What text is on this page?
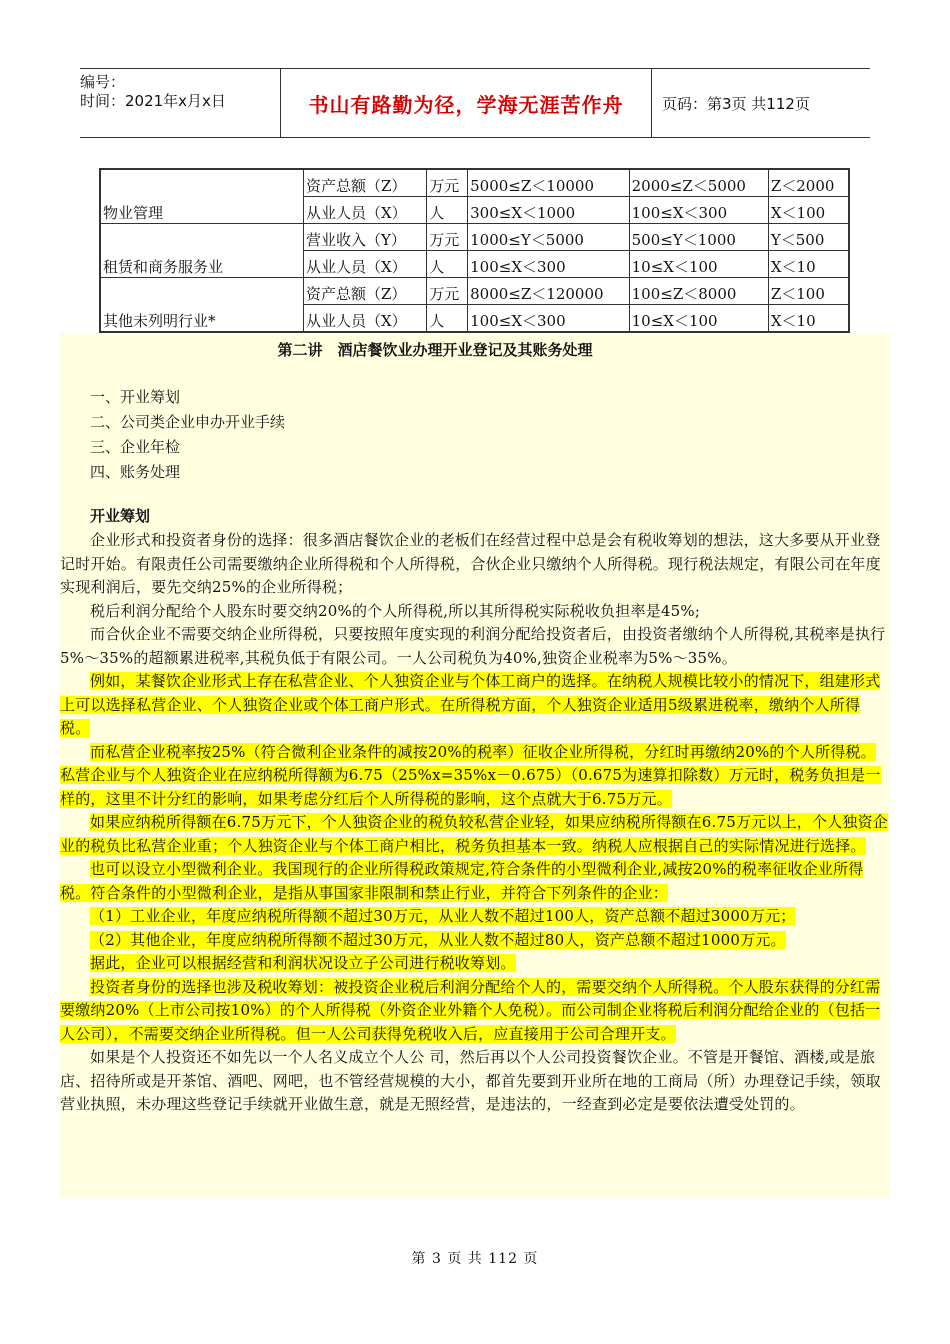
编号：
时间：2021年x月x日	书山有路勤为径，学海无涯苦作舟	页码：第3页 共112页
	资产总额（Z）	万元	5000≤Z＜10000	2000≤Z＜5000	Z＜2000
物业管理	从业人员（X）	人	300≤X＜1000	100≤X＜300	X＜100
	营业收入（Y）	万元	1000≤Y＜5000	500≤Y＜1000	Y＜500
租赁和商务服务业	从业人员（X）	人	100≤X＜300	10≤X＜100	X＜10
	资产总额（Z）	万元	8000≤Z＜120000	100≤Z＜8000	Z＜100
其他未列明行业*	从业人员（X）	人	100≤X＜300	10≤X＜100	X＜10
第二讲　酒店餐饮业办理开业登记及其账务处理
一、开业筹划
二、公司类企业申办开业手续
三、企业年检
四、账务处理
开业筹划

企业形式和投资者身份的选择：很多酒店餐饮企业的老板们在经营过程中总是会有税收筹划的想法，这大多要从开业登记时开始。有限责任公司需要缴纳企业所得税和个人所得税，合伙企业只缴纳个人所得税。现行税法规定，有限公司在年度实现利润后，要先交纳25%的企业所得税；

税后利润分配给个人股东时要交纳20%的个人所得税,所以其所得税实际税收负担率是45%;

而合伙企业不需要交纳企业所得税，只要按照年度实现的利润分配给投资者后，由投资者缴纳个人所得税,其税率是执行5%～35%的超额累进税率,其税负低于有限公司。一人公司税负为40%,独资企业税率为5%～35%。

例如，某餐饮企业形式上存在私营企业、个人独资企业与个体工商户的选择。在纳税人规模比较小的情况下，组建形式上可以选择私营企业、个人独资企业或个体工商户形式。在所得税方面，个人独资企业适用5级累进税率，缴纳个人所得税。

而私营企业税率按25%（符合微利企业条件的减按20%的税率）征收企业所得税，分红时再缴纳20%的个人所得税。私营企业与个人独资企业在应纳税所得额为6.75（25%x=35%x－0.675）（0.675为速算扣除数）万元时，税务负担是一样的，这里不计分红的影响，如果考虑分红后个人所得税的影响，这个点就大于6.75万元。

如果应纳税所得额在6.75万元下，个人独资企业的税负较私营企业轻，如果应纳税所得额在6.75万元以上，个人独资企业的税负比私营企业重；个人独资企业与个体工商户相比，税务负担基本一致。纳税人应根据自己的实际情况进行选择。

也可以设立小型微利企业。我国现行的企业所得税政策规定,符合条件的小型微利企业,减按20%的税率征收企业所得税。符合条件的小型微利企业，是指从事国家非限制和禁止行业，并符合下列条件的企业：

（1）工业企业，年度应纳税所得额不超过30万元，从业人数不超过100人，资产总额不超过3000万元；

（2）其他企业，年度应纳税所得额不超过30万元，从业人数不超过80人，资产总额不超过1000万元。

据此，企业可以根据经营和利润状况设立子公司进行税收筹划。

投资者身份的选择也涉及税收筹划：被投资企业税后利润分配给个人的，需要交纳个人所得税。个人股东获得的分红需要缴纳20%（上市公司按10%）的个人所得税（外资企业外籍个人免税）。而公司制企业将税后利润分配给企业的（包括一人公司），不需要交纳企业所得税。但一人公司获得免税收入后，应直接用于公司合理开支。

如果是个人投资还不如先以一个人名义成立个人公 司，然后再以个人公司投资餐饮企业。不管是开餐馆、酒楼,或是旅店、招待所或是开茶馆、酒吧、网吧，也不管经营规模的大小，都首先要到开业所在地的工商局（所）办理登记手续，领取营业执照，未办理这些登记手续就开业做生意，就是无照经营，是违法的，一经查到必定是要依法遭受处罚的。

第 3 页 共 112 页
